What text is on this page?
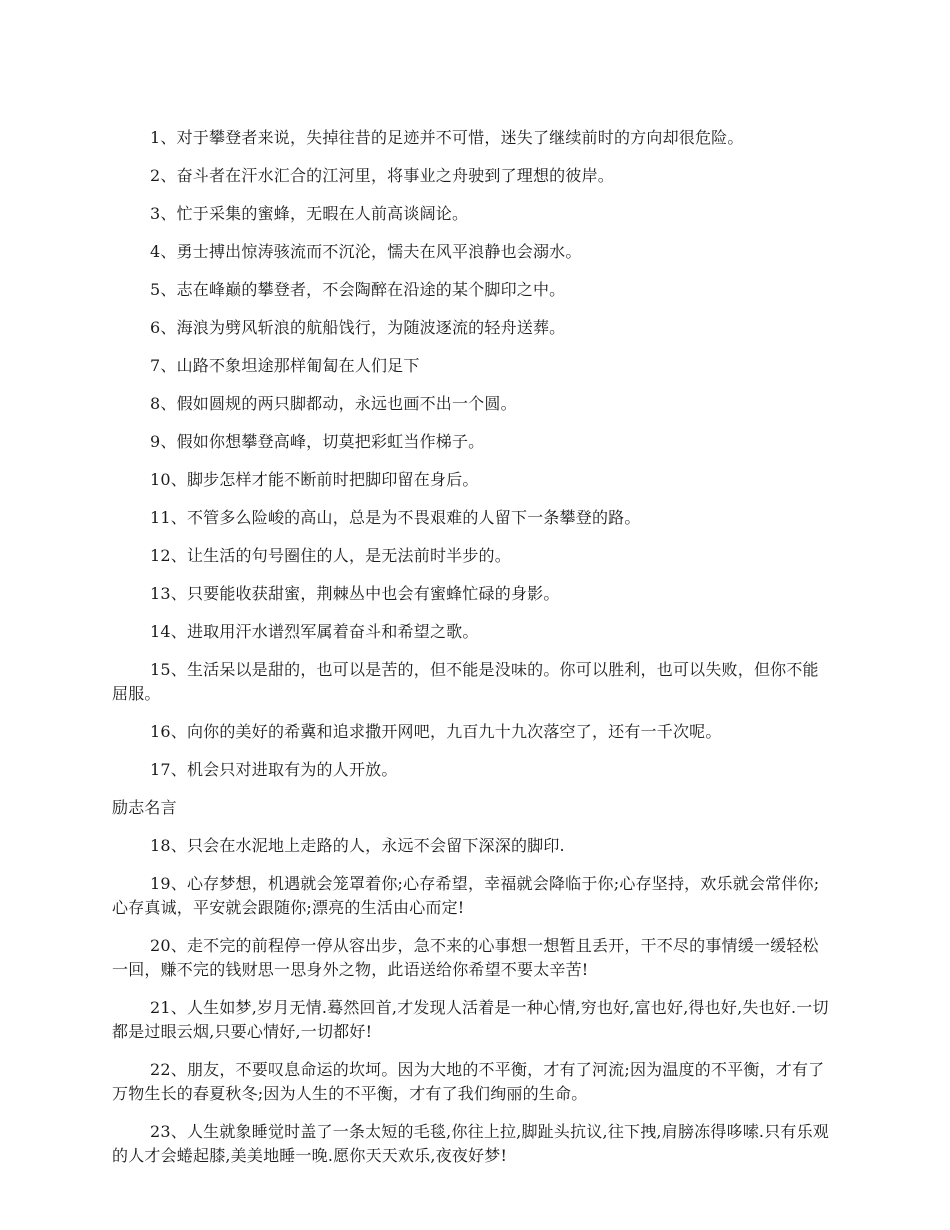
1、对于攀登者来说，失掉往昔的足迹并不可惜，迷失了继续前时的方向却很危险。

2、奋斗者在汗水汇合的江河里，将事业之舟驶到了理想的彼岸。

3、忙于采集的蜜蜂，无暇在人前高谈阔论。

4、勇士搏出惊涛骇流而不沉沦，懦夫在风平浪静也会溺水。

5、志在峰巅的攀登者，不会陶醉在沿途的某个脚印之中。

6、海浪为劈风斩浪的航船饯行，为随波逐流的轻舟送葬。

7、山路不象坦途那样匍匐在人们足下

8、假如圆规的两只脚都动，永远也画不出一个圆。

9、假如你想攀登高峰，切莫把彩虹当作梯子。

10、脚步怎样才能不断前时把脚印留在身后。

11、不管多么险峻的高山，总是为不畏艰难的人留下一条攀登的路。

12、让生活的句号圈住的人，是无法前时半步的。

13、只要能收获甜蜜，荆棘丛中也会有蜜蜂忙碌的身影。

14、进取用汗水谱烈军属着奋斗和希望之歌。

15、生活呆以是甜的，也可以是苦的，但不能是没味的。你可以胜利，也可以失败，但你不能屈服。

16、向你的美好的希冀和追求撒开网吧，九百九十九次落空了，还有一千次呢。

17、机会只对进取有为的人开放。

励志名言

18、只会在水泥地上走路的人，永远不会留下深深的脚印.

19、心存梦想，机遇就会笼罩着你;心存希望，幸福就会降临于你;心存坚持，欢乐就会常伴你;心存真诚，平安就会跟随你;漂亮的生活由心而定!

20、走不完的前程停一停从容出步，急不来的心事想一想暂且丢开，干不尽的事情缓一缓轻松一回，赚不完的钱财思一思身外之物，此语送给你希望不要太辛苦!

21、人生如梦,岁月无情.蓦然回首,才发现人活着是一种心情,穷也好,富也好,得也好,失也好.一切都是过眼云烟,只要心情好,一切都好!

22、朋友，不要叹息命运的坎坷。因为大地的不平衡，才有了河流;因为温度的不平衡，才有了万物生长的春夏秋冬;因为人生的不平衡，才有了我们绚丽的生命。

23、人生就象睡觉时盖了一条太短的毛毯,你往上拉,脚趾头抗议,往下拽,肩膀冻得哆嗦.只有乐观的人才会蜷起膝,美美地睡一晚.愿你天天欢乐,夜夜好梦!
